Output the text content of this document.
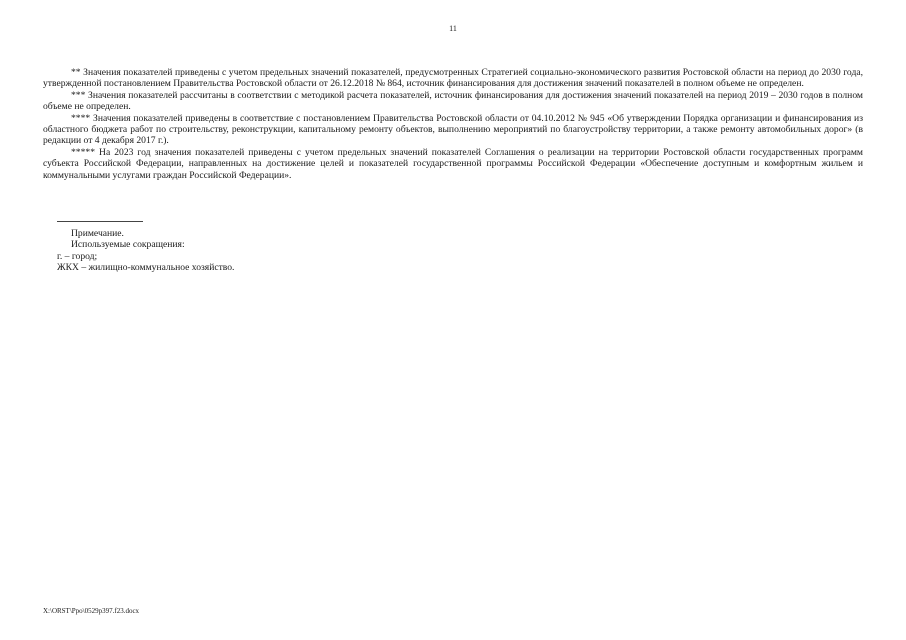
11

** Значения показателей приведены с учетом предельных значений показателей, предусмотренных Стратегией социально-экономического развития Ростовской области на период до 2030 года, утвержденной постановлением Правительства Ростовской области от 26.12.2018 № 864, источник финансирования для достижения значений показателей в полном объеме не определен.

*** Значения показателей рассчитаны в соответствии с методикой расчета показателей, источник финансирования для достижения значений показателей на период 2019 – 2030 годов в полном объеме не определен.

**** Значения показателей приведены в соответствие с постановлением Правительства Ростовской области от 04.10.2012 № 945 «Об утверждении Порядка организации и финансирования из областного бюджета работ по строительству, реконструкции, капитальному ремонту объектов, выполнению мероприятий по благоустройству территории, а также ремонту автомобильных дорог» (в редакции от 4 декабря 2017 г.).

***** На 2023 год значения показателей приведены с учетом предельных значений показателей Соглашения о реализации на территории Ростовской области государственных программ субъекта Российской Федерации, направленных на достижение целей и показателей государственной программы Российской Федерации «Обеспечение доступным и комфортным жильем и коммунальными услугами граждан Российской Федерации».

Примечание.
Используемые сокращения:
г. – город;
ЖКХ – жилищно-коммунальное хозяйство.
X:\ORST\Ppo\0529p397.f23.docx
